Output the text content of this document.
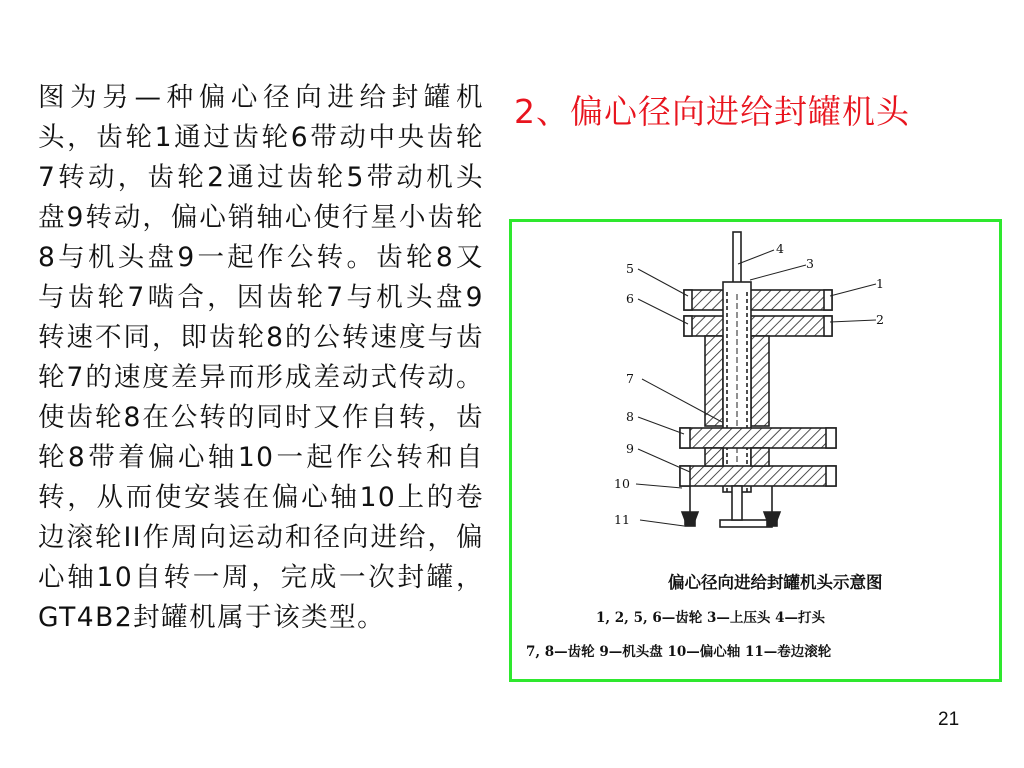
图为另—种偏心径向进给封罐机头，齿轮1通过齿轮6带动中央齿轮7转动，齿轮2通过齿轮5带动机头盘9转动，偏心销轴心使行星小齿轮8与机头盘9一起作公转。齿轮8又与齿轮7啮合，因齿轮7与机头盘9转速不同，即齿轮8的公转速度与齿轮7的速度差异而形成差动式传动。使齿轮8在公转的同时又作自转，齿轮8带着偏心轴10一起作公转和自转，从而使安装在偏心轴10上的卷边滚轮II作周向运动和径向进给，偏心轴10自转一周，完成一次封罐，GT4B2封罐机属于该类型。

2、偏心径向进给封罐机头
1
2
3
4
5
6
7
8
9
10
11
偏心径向进给封罐机头示意图
1, 2, 5, 6—齿轮 3—上压头 4—打头
7, 8—齿轮 9—机头盘 10—偏心轴 11—卷边滚轮
21
